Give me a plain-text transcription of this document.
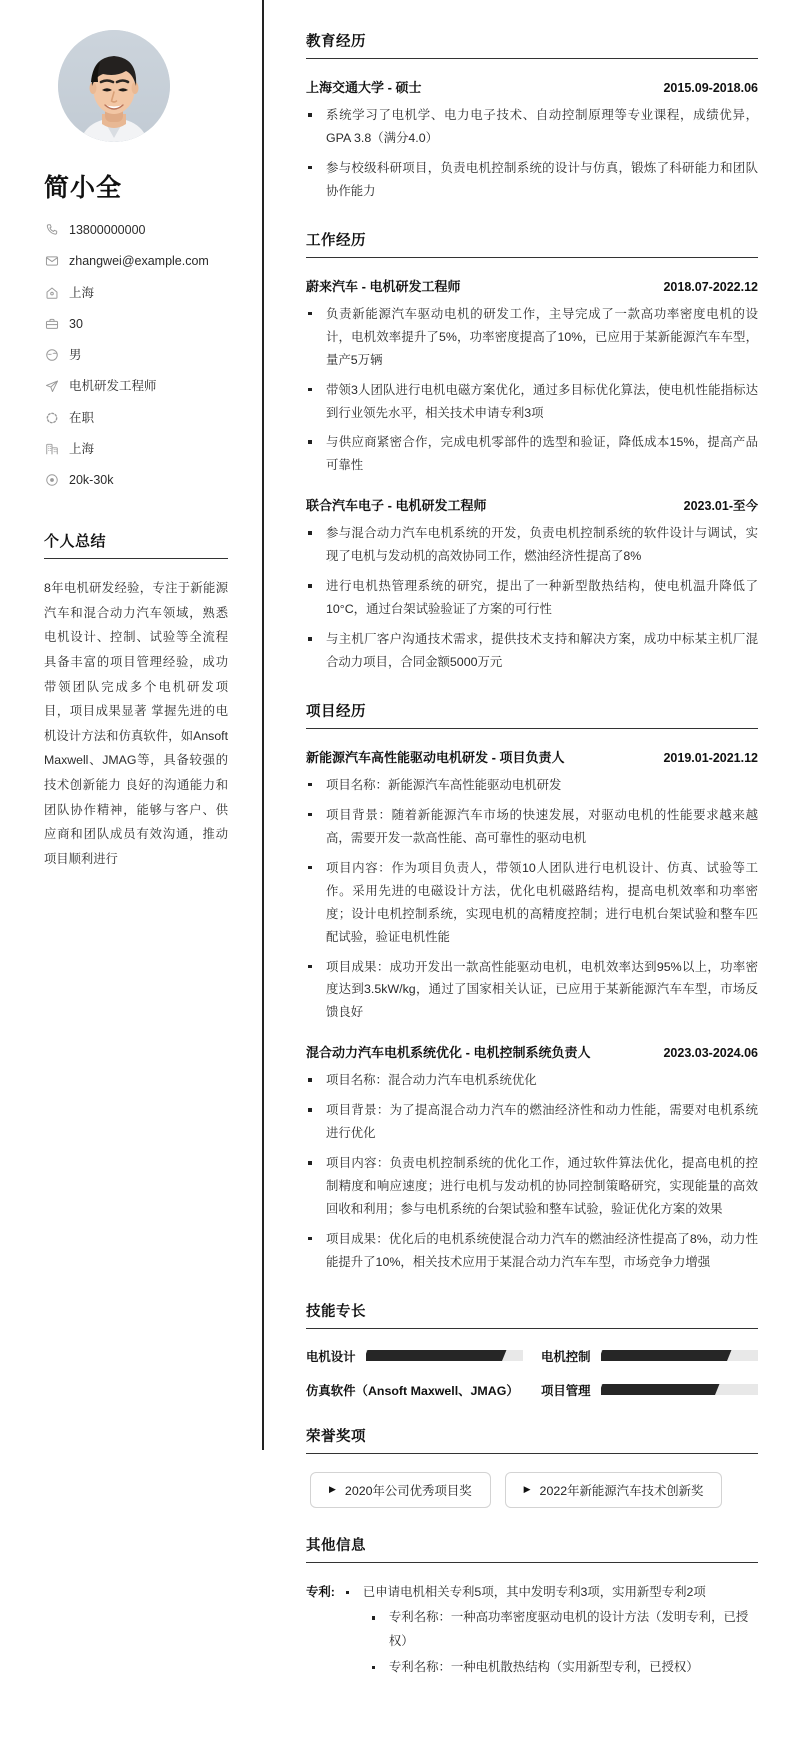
简小全
13800000000
zhangwei@example.com
上海
30
男
电机研发工程师
在职
上海
20k-30k
个人总结

8年电机研发经验，专注于新能源汽车和混合动力汽车领域，熟悉电机设计、控制、试验等全流程 具备丰富的项目管理经验，成功带领团队完成多个电机研发项目，项目成果显著 掌握先进的电机设计方法和仿真软件，如Ansoft Maxwell、JMAG等，具备较强的技术创新能力 良好的沟通能力和团队协作精神，能够与客户、供应商和团队成员有效沟通，推动项目顺利进行

教育经历
上海交通大学 - 硕士	2015.09-2018.06
系统学习了电机学、电力电子技术、自动控制原理等专业课程，成绩优异，GPA 3.8（满分4.0）
参与校级科研项目，负责电机控制系统的设计与仿真，锻炼了科研能力和团队协作能力
工作经历
蔚来汽车 - 电机研发工程师	2018.07-2022.12
负责新能源汽车驱动电机的研发工作，主导完成了一款高功率密度电机的设计，电机效率提升了5%，功率密度提高了10%，已应用于某新能源汽车车型，量产5万辆
带领3人团队进行电机电磁方案优化，通过多目标优化算法，使电机性能指标达到行业领先水平，相关技术申请专利3项
与供应商紧密合作，完成电机零部件的选型和验证，降低成本15%，提高产品可靠性
联合汽车电子 - 电机研发工程师	2023.01-至今
参与混合动力汽车电机系统的开发，负责电机控制系统的软件设计与调试，实现了电机与发动机的高效协同工作，燃油经济性提高了8%
进行电机热管理系统的研究，提出了一种新型散热结构，使电机温升降低了10°C，通过台架试验验证了方案的可行性
与主机厂客户沟通技术需求，提供技术支持和解决方案，成功中标某主机厂混合动力项目，合同金额5000万元
项目经历
新能源汽车高性能驱动电机研发 - 项目负责人	2019.01-2021.12
项目名称：新能源汽车高性能驱动电机研发
项目背景：随着新能源汽车市场的快速发展，对驱动电机的性能要求越来越高，需要开发一款高性能、高可靠性的驱动电机
项目内容：作为项目负责人，带领10人团队进行电机设计、仿真、试验等工作。采用先进的电磁设计方法，优化电机磁路结构，提高电机效率和功率密度；设计电机控制系统，实现电机的高精度控制；进行电机台架试验和整车匹配试验，验证电机性能
项目成果：成功开发出一款高性能驱动电机，电机效率达到95%以上，功率密度达到3.5kW/kg，通过了国家相关认证，已应用于某新能源汽车车型，市场反馈良好
混合动力汽车电机系统优化 - 电机控制系统负责人	2023.03-2024.06
项目名称：混合动力汽车电机系统优化
项目背景：为了提高混合动力汽车的燃油经济性和动力性能，需要对电机系统进行优化
项目内容：负责电机控制系统的优化工作，通过软件算法优化，提高电机的控制精度和响应速度；进行电机与发动机的协同控制策略研究，实现能量的高效回收和利用；参与电机系统的台架试验和整车试验，验证优化方案的效果
项目成果：优化后的电机系统使混合动力汽车的燃油经济性提高了8%，动力性能提升了10%，相关技术应用于某混合动力汽车车型，市场竞争力增强
技能专长
电机设计	电机控制
仿真软件（Ansoft Maxwell、JMAG） 项目管理
荣誉奖项
▶ 2020年公司优秀项目奖	▶ 2022年新能源汽车技术创新奖
其他信息
专利:	已申请电机相关专利5项，其中发明专利3项，实用新型专利2项
专利名称：一种高功率密度驱动电机的设计方法（发明专利，已授权）
专利名称：一种电机散热结构（实用新型专利，已授权）
